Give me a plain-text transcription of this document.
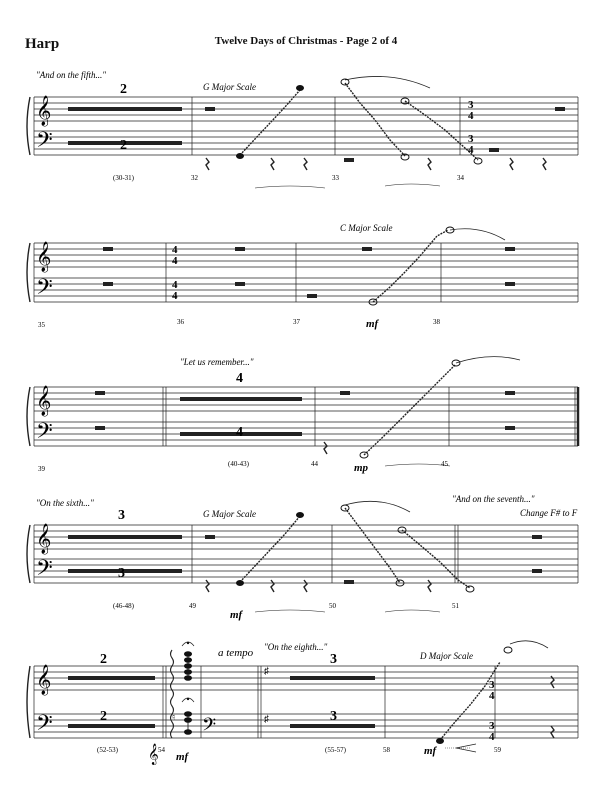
Harp	Twelve Days of Christmas - Page 2 of 4
𝄞
𝄢
3
4
3
4
"And on the fifth..."
G Major Scale
2
2
(30-31)	32	33	34
𝄞
𝄢
4
4
4
4
C Major Scale
mf
35	36	37	38
𝄞
𝄢
"Let us remember..."
4
4
mp
39
(40-43)	44	45
𝄞
𝄢
"On the sixth..."	"And on the seventh..."
Change F# to F
G Major Scale
3
3
mf
(46-48)	49	50	51
𝄞
𝄢
𝄞
𝄢
♯
♯
♮
3
4
3
4
a tempo "On the eighth..."
D Major Scale
2
2
3
3
mf	mf
(52-53)	54	(55-57)	58	59
